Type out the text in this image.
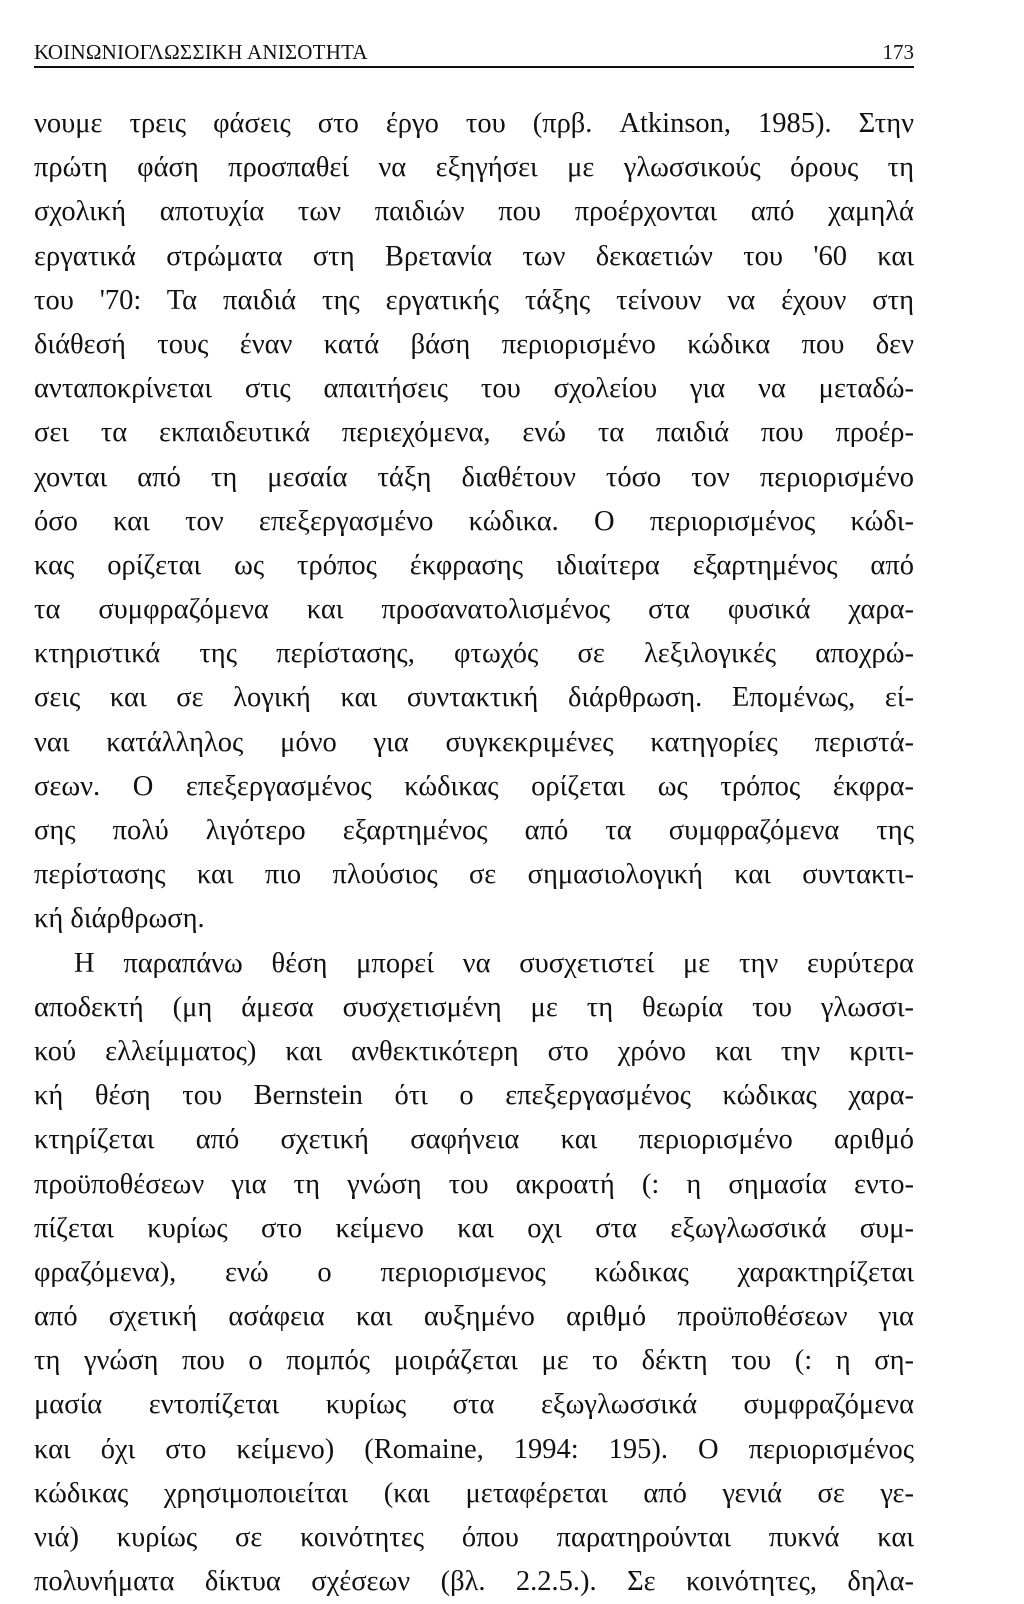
ΚΟΙΝΩΝΙΟΓΛΩΣΣΙΚΗ ΑΝΙΣΟΤΗΤΑ	173
νουμε τρεις φάσεις στο έργο του (πρβ. Atkinson, 1985). Στην
πρώτη φάση προσπαθεί να εξηγήσει με γλωσσικούς όρους τη
σχολική αποτυχία των παιδιών που προέρχονται από χαμηλά
εργατικά στρώματα στη Βρετανία των δεκαετιών του '60 και
του '70: Τα παιδιά της εργατικής τάξης τείνουν να έχουν στη
διάθεσή τους έναν κατά βάση περιορισμένο κώδικα που δεν
ανταποκρίνεται στις απαιτήσεις του σχολείου για να μεταδώ-
σει τα εκπαιδευτικά περιεχόμενα, ενώ τα παιδιά που προέρ-
χονται από τη μεσαία τάξη διαθέτουν τόσο τον περιορισμένο
όσο και τον επεξεργασμένο κώδικα. Ο περιορισμένος κώδι-
κας ορίζεται ως τρόπος έκφρασης ιδιαίτερα εξαρτημένος από
τα συμφραζόμενα και προσανατολισμένος στα φυσικά χαρα-
κτηριστικά της περίστασης, φτωχός σε λεξιλογικές αποχρώ-
σεις και σε λογική και συντακτική διάρθρωση. Επομένως, εί-
ναι κατάλληλος μόνο για συγκεκριμένες κατηγορίες περιστά-
σεων. Ο επεξεργασμένος κώδικας ορίζεται ως τρόπος έκφρα-
σης πολύ λιγότερο εξαρτημένος από τα συμφραζόμενα της
περίστασης και πιο πλούσιος σε σημασιολογική και συντακτι-
κή διάρθρωση.
Η παραπάνω θέση μπορεί να συσχετιστεί με την ευρύτερα
αποδεκτή (μη άμεσα συσχετισμένη με τη θεωρία του γλωσσι-
κού ελλείμματος) και ανθεκτικότερη στο χρόνο και την κριτι-
κή θέση του Bernstein ότι ο επεξεργασμένος κώδικας χαρα-
κτηρίζεται από σχετική σαφήνεια και περιορισμένο αριθμό
προϋποθέσεων για τη γνώση του ακροατή (: η σημασία εντο-
πίζεται κυρίως στο κείμενο και οχι στα εξωγλωσσικά συμ-
φραζόμενα), ενώ ο περιορισμενος κώδικας χαρακτηρίζεται
από σχετική ασάφεια και αυξημένο αριθμό προϋποθέσεων για
τη γνώση που ο πομπός μοιράζεται με το δέκτη του (: η ση-
μασία εντοπίζεται κυρίως στα εξωγλωσσικά συμφραζόμενα
και όχι στο κείμενο) (Romaine, 1994: 195). Ο περιορισμένος
κώδικας χρησιμοποιείται (και μεταφέρεται από γενιά σε γε-
νιά) κυρίως σε κοινότητες όπου παρατηρούνται πυκνά και
πολυνήματα δίκτυα σχέσεων (βλ. 2.2.5.). Σε κοινότητες, δηλα-
